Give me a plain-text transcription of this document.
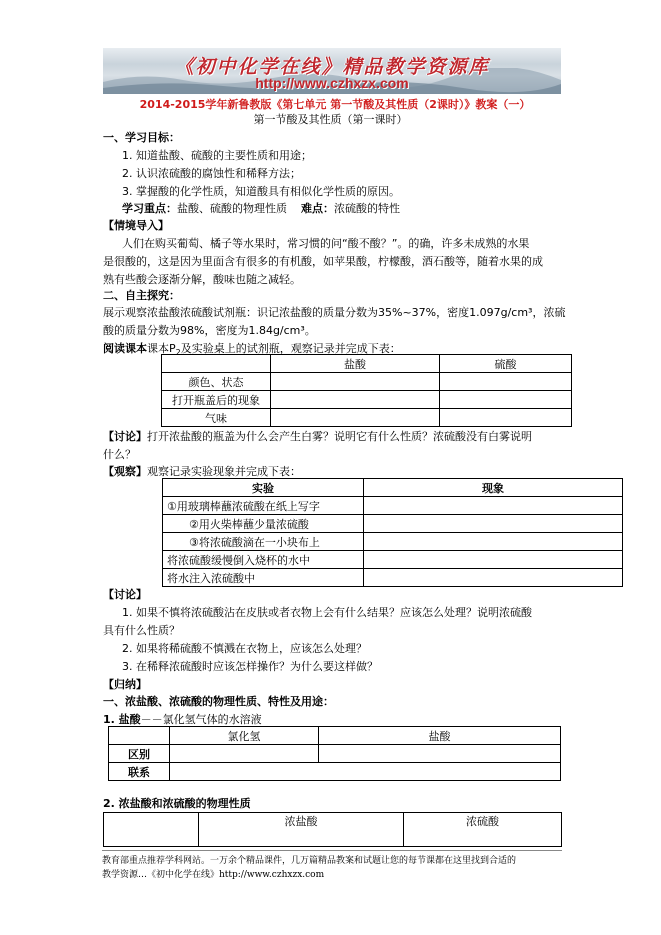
《初中化学在线》精品教学资源库
http://www.czhxzx.com
2014-2015学年新鲁教版《第七单元 第一节酸及其性质（2课时）》教案（一）
第一节酸及其性质（第一课时）
一、学习目标：
1. 知道盐酸、硫酸的主要性质和用途；
2. 认识浓硫酸的腐蚀性和稀释方法；
3. 掌握酸的化学性质，知道酸具有相似化学性质的原因。
学习重点：盐酸、硫酸的物理性质 难点：浓硫酸的特性
【情境导入】
人们在购买葡萄、橘子等水果时，常习惯的问“酸不酸？”。的确，许多未成熟的水果
是很酸的，这是因为里面含有很多的有机酸，如苹果酸，柠檬酸，酒石酸等，随着水果的成
熟有些酸会逐渐分解，酸味也随之减轻。
二、自主探究：
展示观察浓盐酸浓硫酸试剂瓶：识记浓盐酸的质量分数为35%~37%，密度1.097g/cm³，浓硫
酸的质量分数为98%，密度为1.84g/cm³。
阅读课本课本$P_2$及实验桌上的试剂瓶，观察记录并完成下表：
	盐酸	硫酸
颜色、状态		
打开瓶盖后的现象		
气味		
【讨论】打开浓盐酸的瓶盖为什么会产生白雾？说明它有什么性质？浓硫酸没有白雾说明
什么？
【观察】观察记录实验现象并完成下表：
实验	现象
①用玻璃棒蘸浓硫酸在纸上写字	
②用火柴棒蘸少量浓硫酸	
③将浓硫酸滴在一小块布上	
将浓硫酸缓慢倒入烧杯的水中	
将水注入浓硫酸中	
【讨论】
1. 如果不慎将浓硫酸沾在皮肤或者衣物上会有什么结果？应该怎么处理？说明浓硫酸
具有什么性质？
2. 如果将稀硫酸不慎溅在衣物上，应该怎么处理？
3. 在稀释浓硫酸时应该怎样操作？为什么要这样做？
【归纳】
一、浓盐酸、浓硫酸的物理性质、特性及用途：
1. 盐酸－－氯化氢气体的水溶液
	氯化氢	盐酸
区别		
联系		
2. 浓盐酸和浓硫酸的物理性质
	浓盐酸	浓硫酸
教育部重点推荐学科网站。一万余个精品课件，几万篇精品教案和试题让您的每节课都在这里找到合适的
教学资源…《初中化学在线》http://www.czhxzx.com
